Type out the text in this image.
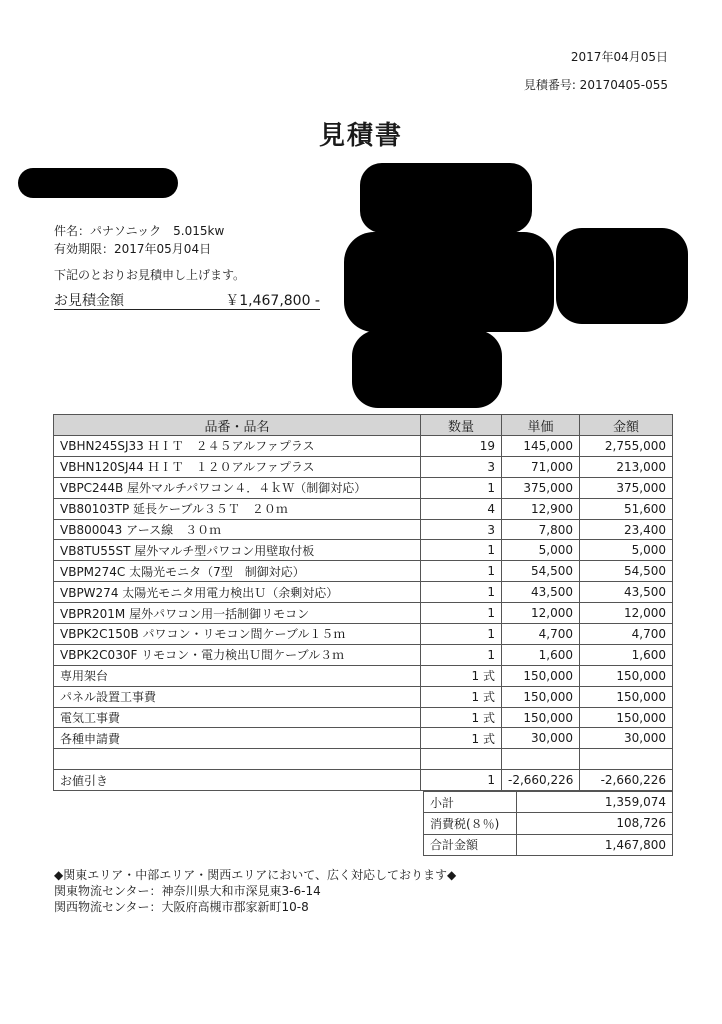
2017年04月05日
見積番号: 20170405-055
見積書
件名：パナソニック　5.015kw
有効期限：2017年05月04日
下記のとおりお見積申し上げます。
お見積金額	￥1,467,800 -
品番・品名	数量	単価	金額
VBHN245SJ33 ＨＩＴ　２４５アルファプラス	19	145,000	2,755,000
VBHN120SJ44 ＨＩＴ　１２０アルファプラス	3	71,000	213,000
VBPC244B 屋外マルチパワコン４．４ｋＷ（制御対応）	1	375,000	375,000
VB80103TP 延長ケーブル３５Ｔ　２０ｍ	4	12,900	51,600
VB800043 アース線　３０ｍ	3	7,800	23,400
VB8TU55ST 屋外マルチ型パワコン用壁取付板	1	5,000	5,000
VBPM274C 太陽光モニタ（7型　制御対応）	1	54,500	54,500
VBPW274 太陽光モニタ用電力検出Ｕ（余剰対応）	1	43,500	43,500
VBPR201M 屋外パワコン用一括制御リモコン	1	12,000	12,000
VBPK2C150B パワコン・リモコン間ケーブル１５ｍ	1	4,700	4,700
VBPK2C030F リモコン・電力検出Ｕ間ケーブル３ｍ	1	1,600	1,600
専用架台	1 式	150,000	150,000
パネル設置工事費	1 式	150,000	150,000
電気工事費	1 式	150,000	150,000
各種申請費	1 式	30,000	30,000

お値引き	1	-2,660,226	-2,660,226
小計	1,359,074
消費税(８％)	108,726
合計金額	1,467,800
◆関東エリア・中部エリア・関西エリアにおいて、広く対応しております◆
関東物流センター：神奈川県大和市深見東3-6-14
関西物流センター：大阪府高槻市郡家新町10-8
